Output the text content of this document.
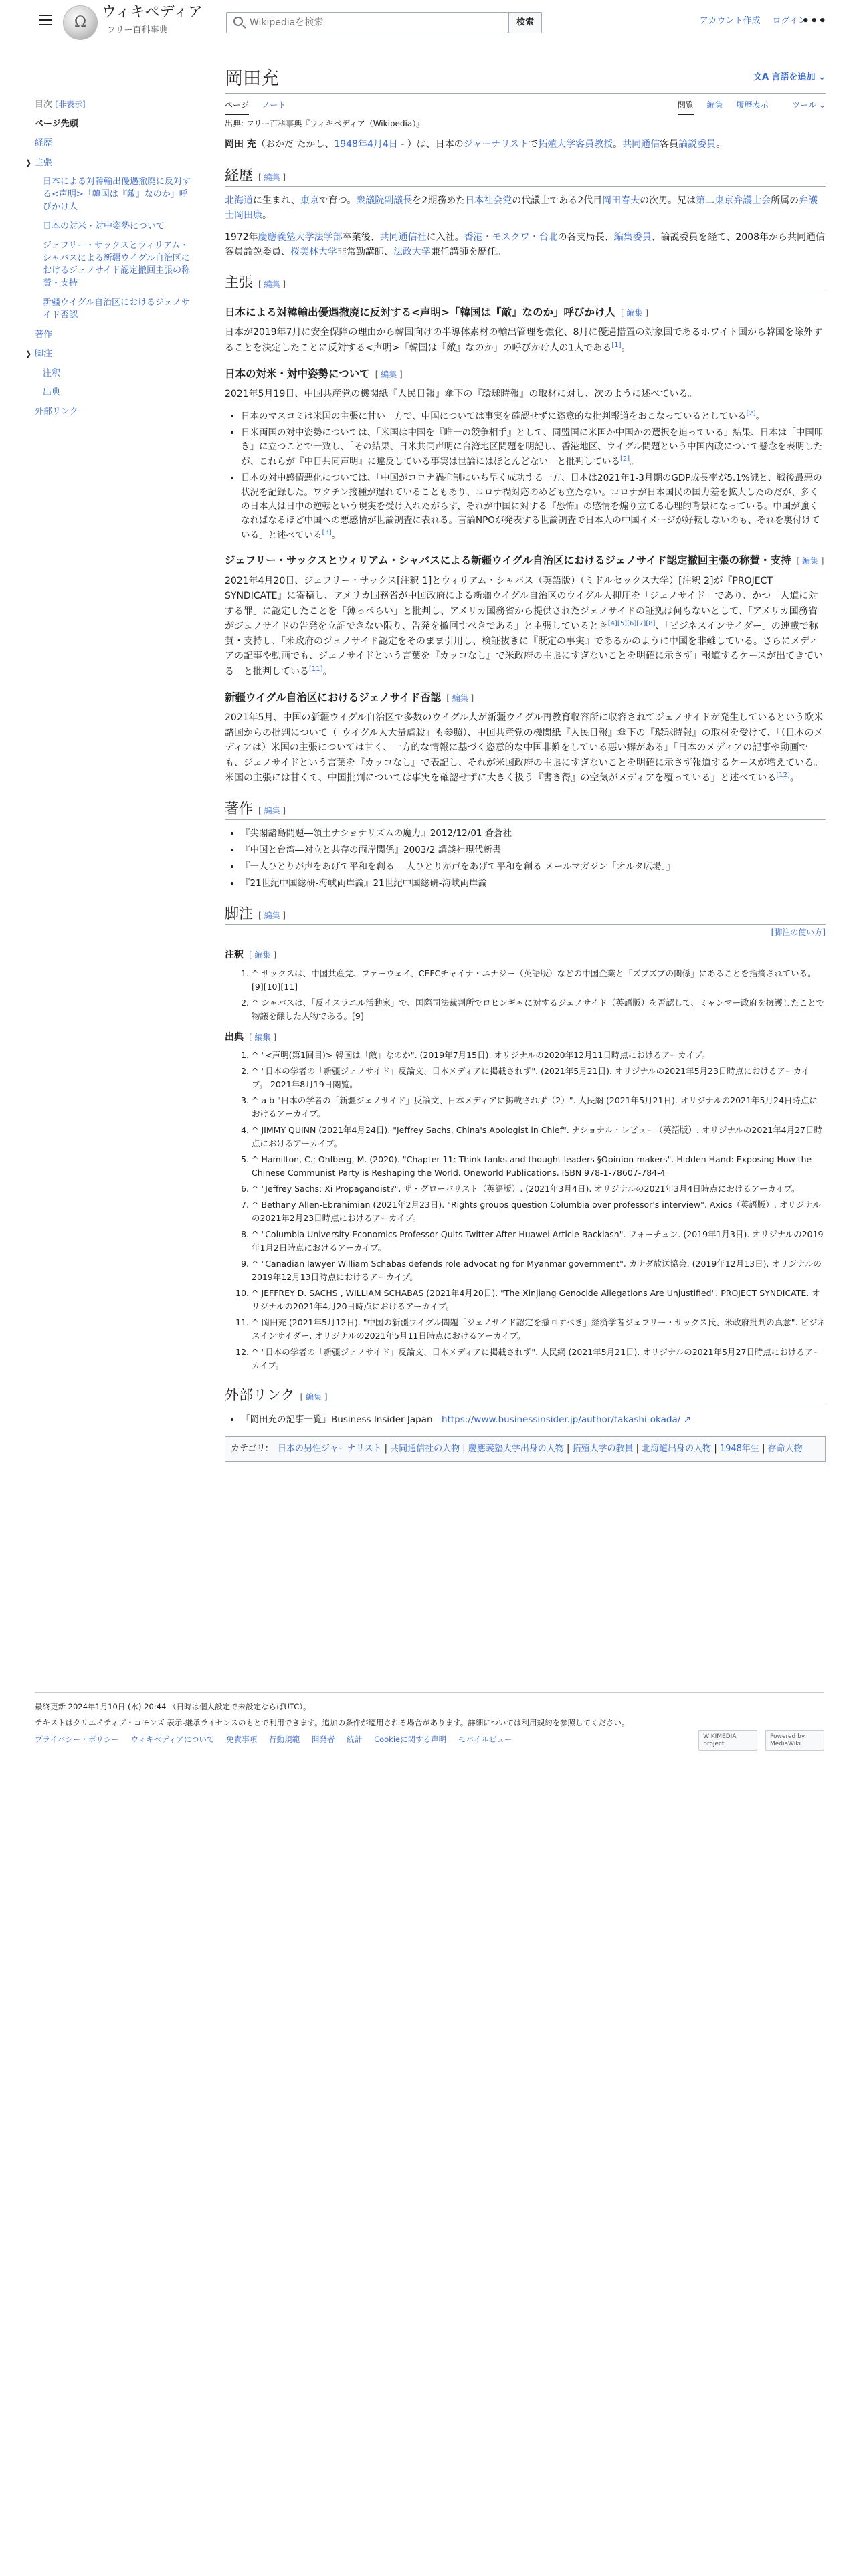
Ω
ウィキペディア
フリー百科事典
Wikipediaを検索
検索	アカウント作成 ログイン
•••
目次 [非表示]
ページ先頭
経歴
❯ 主張
日本による対韓輸出優遇撤廃に反対する<声明>「韓国は『敵』なのか」呼びかけ人
日本の対米・対中姿勢について
ジェフリー・サックスとウィリアム・シャバスによる新疆ウイグル自治区におけるジェノサイド認定撤回主張の称賛・支持
新疆ウイグル自治区におけるジェノサイド否認
著作
❯ 脚注
注釈
出典
外部リンク
岡田充	文A 言語を追加 ⌄
ページ ノート	閲覧 編集 履歴表示	ツール ⌄
出典: フリー百科事典『ウィキペディア（Wikipedia）』

岡田 充（おかだ たかし、1948年4月4日 - ）は、日本のジャーナリストで拓殖大学客員教授。共同通信客員論説委員。

経歴 [ 編集 ]

北海道に生まれ、東京で育つ。衆議院副議長を2期務めた日本社会党の代議士である2代目岡田春夫の次男。兄は第二東京弁護士会所属の弁護士岡田康。

1972年慶應義塾大学法学部卒業後、共同通信社に入社。香港・モスクワ・台北の各支局長、編集委員、論説委員を経て、2008年から共同通信客員論説委員、桜美林大学非常勤講師、法政大学兼任講師を歴任。

主張 [ 編集 ]
日本による対韓輸出優遇撤廃に反対する<声明>「韓国は『敵』なのか」呼びかけ人 [ 編集 ]

日本が2019年7月に安全保障の理由から韓国向けの半導体素材の輸出管理を強化、8月に優遇措置の対象国であるホワイト国から韓国を除外することを決定したことに反対する<声明>「韓国は『敵』なのか」の呼びかけ人の1人である[1]。

日本の対米・対中姿勢について [ 編集 ]

2021年5月19日、中国共産党の機関紙『人民日報』傘下の『環球時報』の取材に対し、次のように述べている。

• 日本のマスコミは米国の主張に甘い一方で、中国については事実を確認せずに恣意的な批判報道をおこなっているとしている[2]。
• 日米両国の対中姿勢については、「米国は中国を『唯一の競争相手』として、同盟国に米国か中国かの選択を迫っている」結果、日本は「中国叩き」に立つことで一致し、「その結果、日米共同声明に台湾地区問題を明記し、香港地区、ウイグル問題という中国内政について懸念を表明したが、これらが『中日共同声明』に違反している事実は世論にはほとんどない」と批判している[2]。
• 日本の対中感情悪化については、「中国がコロナ禍抑制にいち早く成功する一方、日本は2021年1-3月期のGDP成長率が5.1%減と、戦後最悪の状況を記録した。ワクチン接種が遅れていることもあり、コロナ禍対応のめども立たない。コロナが日本国民の国力差を拡大したのだが、多くの日本人は日中の逆転という現実を受け入れたがらず、それが中国に対する『恐怖』の感情を煽り立てる心理的背景になっている。中国が強くなればなるほど中国への悪感情が世論調査に表れる。言論NPOが発表する世論調査で日本人の中国イメージが好転しないのも、それを裏付けている」と述べている[3]。
ジェフリー・サックスとウィリアム・シャバスによる新疆ウイグル自治区におけるジェノサイド認定撤回主張の称賛・支持 [ 編集 ]

2021年4月20日、ジェフリー・サックス[注釈 1]とウィリアム・シャバス（英語版）（ミドルセックス大学）[注釈 2]が『PROJECT SYNDICATE』に寄稿し、アメリカ国務省が中国政府による新疆ウイグル自治区のウイグル人抑圧を「ジェノサイド」であり、かつ「人道に対する罪」に認定したことを「薄っぺらい」と批判し、アメリカ国務省から提供されたジェノサイドの証拠は何もないとして、「アメリカ国務省がジェノサイドの告発を立証できない限り、告発を撤回すべきである」と主張しているとき[4][5][6][7][8]、「ビジネスインサイダー」の連載で称賛・支持し、「米政府のジェノサイド認定をそのまま引用し、検証抜きに『既定の事実』であるかのように中国を非難している。さらにメディアの記事や動画でも、ジェノサイドという言葉を『カッコなし』で米政府の主張にすぎないことを明確に示さず」報道するケースが出てきている」と批判している[11]。

新疆ウイグル自治区におけるジェノサイド否認 [ 編集 ]

2021年5月、中国の新疆ウイグル自治区で多数のウイグル人が新疆ウイグル再教育収容所に収容されてジェノサイドが発生しているという欧米諸国からの批判について（「ウイグル人大量虐殺」も参照）、中国共産党の機関紙『人民日報』傘下の『環球時報』の取材を受けて、「（日本のメディアは）米国の主張については甘く、一方的な情報に基づく恣意的な中国非難をしている悪い癖がある」「日本のメディアの記事や動画でも、ジェノサイドという言葉を『カッコなし』で表記し、それが米国政府の主張にすぎないことを明確に示さず報道するケースが増えている。米国の主張には甘くて、中国批判については事実を確認せずに大きく扱う『書き得』の空気がメディアを覆っている」と述べている[12]。

著作 [ 編集 ]
• 『尖閣諸島問題―領土ナショナリズムの魔力』2012/12/01 蒼蒼社
• 『中国と台湾―対立と共存の両岸関係』2003/2 講談社現代新書
• 『一人ひとりが声をあげて平和を創る ―人ひとりが声をあげて平和を創る メールマガジン「オルタ広場」』
• 『21世紀中国総研-海峡両岸論』21世紀中国総研-海峡両岸論
脚注 [ 編集 ]
[脚注の使い方]
注釈 [ 編集 ]
1. ^ サックスは、中国共産党、ファーウェイ、CEFCチャイナ・エナジー（英語版）などの中国企業と「ズブズブの関係」にあることを指摘されている。[9][10][11]
2. ^ シャバスは、「反イスラエル活動家」で、国際司法裁判所でロヒンギャに対するジェノサイド（英語版）を否認して、ミャンマー政府を擁護したことで物議を醸した人物である。[9]
出典 [ 編集 ]
1. ^ "<声明(第1回目)> 韓国は「敵」なのか". (2019年7月15日). オリジナルの2020年12月11日時点におけるアーカイブ。
2. ^ "日本の学者の「新疆ジェノサイド」反論文、日本メディアに掲載されず". (2021年5月21日). オリジナルの2021年5月23日時点におけるアーカイブ。 2021年8月19日閲覧。
3. ^ a b "日本の学者の「新疆ジェノサイド」反論文、日本メディアに掲載されず（2）". 人民網 (2021年5月21日). オリジナルの2021年5月24日時点におけるアーカイブ。
4. ^ JIMMY QUINN (2021年4月24日). "Jeffrey Sachs, China's Apologist in Chief". ナショナル・レビュー（英語版）. オリジナルの2021年4月27日時点におけるアーカイブ。
5. ^ Hamilton, C.; Ohlberg, M. (2020). "Chapter 11: Think tanks and thought leaders §Opinion-makers". Hidden Hand: Exposing How the Chinese Communist Party is Reshaping the World. Oneworld Publications. ISBN 978-1-78607-784-4
6. ^ "Jeffrey Sachs: Xi Propagandist?". ザ・グローバリスト（英語版）. (2021年3月4日). オリジナルの2021年3月4日時点におけるアーカイブ。
7. ^ Bethany Allen-Ebrahimian (2021年2月23日). "Rights groups question Columbia over professor's interview". Axios（英語版）. オリジナルの2021年2月23日時点におけるアーカイブ。
8. ^ "Columbia University Economics Professor Quits Twitter After Huawei Article Backlash". フォーチュン. (2019年1月3日). オリジナルの2019年1月2日時点におけるアーカイブ。
9. ^ "Canadian lawyer William Schabas defends role advocating for Myanmar government". カナダ放送協会. (2019年12月13日). オリジナルの2019年12月13日時点におけるアーカイブ。
10. ^ JEFFREY D. SACHS , WILLIAM SCHABAS (2021年4月20日). "The Xinjiang Genocide Allegations Are Unjustified". PROJECT SYNDICATE. オリジナルの2021年4月20日時点におけるアーカイブ。
11. ^ 岡田充 (2021年5月12日). "中国の新疆ウイグル問題「ジェノサイド認定を撤回すべき」経済学者ジェフリー・サックス氏、米政府批判の真意". ビジネスインサイダー. オリジナルの2021年5月11日時点におけるアーカイブ。
12. ^ "日本の学者の「新疆ジェノサイド」反論文、日本メディアに掲載されず". 人民網 (2021年5月21日). オリジナルの2021年5月27日時点におけるアーカイブ。
外部リンク [ 編集 ]
• 「岡田充の記事一覧」Business Insider Japan　 https://www.businessinsider.jp/author/takashi-okada/ ↗
カテゴリ: 日本の男性ジャーナリスト | 共同通信社の人物 | 慶應義塾大学出身の人物 | 拓殖大学の教員 | 北海道出身の人物 | 1948年生 | 存命人物

最終更新 2024年1月10日 (水) 20:44 （日時は個人設定で未設定ならばUTC）。

テキストはクリエイティブ・コモンズ 表示-継承ライセンスのもとで利用できます。追加の条件が適用される場合があります。詳細については利用規約を参照してください。

プライバシー・ポリシー ウィキペディアについて 免責事項 行動規範 開発者 統計 Cookieに関する声明 モバイルビュー	WIKIMEDIA project Powered by MediaWiki
